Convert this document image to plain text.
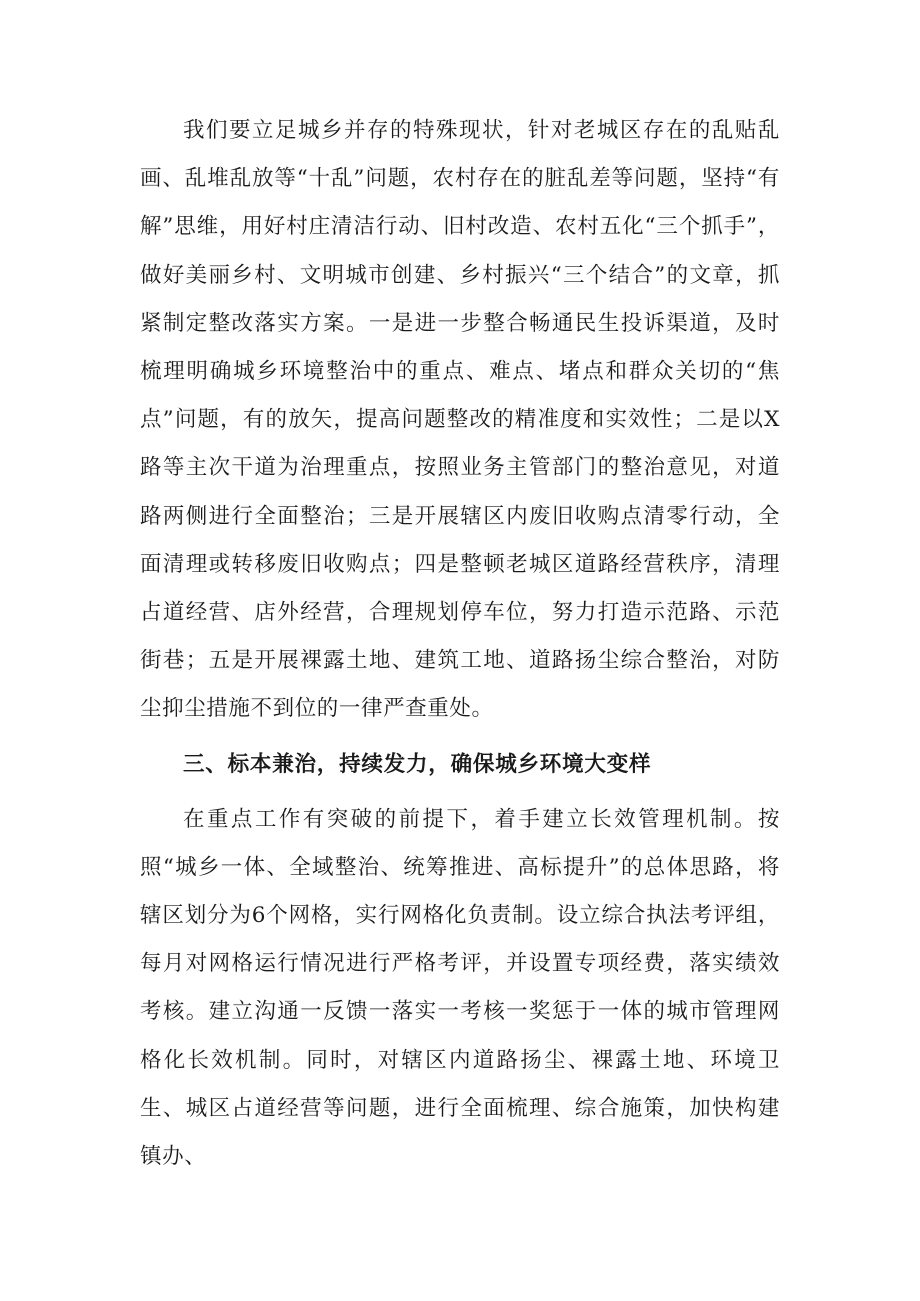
我们要立足城乡并存的特殊现状，针对老城区存在的乱贴乱画、乱堆乱放等“十乱”问题，农村存在的脏乱差等问题，坚持“有解”思维，用好村庄清洁行动、旧村改造、农村五化“三个抓手”，做好美丽乡村、文明城市创建、乡村振兴“三个结合”的文章，抓紧制定整改落实方案。一是进一步整合畅通民生投诉渠道，及时梳理明确城乡环境整治中的重点、难点、堵点和群众关切的“焦点”问题，有的放矢，提高问题整改的精准度和实效性；二是以X路等主次干道为治理重点，按照业务主管部门的整治意见，对道路两侧进行全面整治；三是开展辖区内废旧收购点清零行动，全面清理或转移废旧收购点；四是整顿老城区道路经营秩序，清理占道经营、店外经营，合理规划停车位，努力打造示范路、示范街巷；五是开展裸露土地、建筑工地、道路扬尘综合整治，对防尘抑尘措施不到位的一律严查重处。

三、标本兼治，持续发力，确保城乡环境大变样

在重点工作有突破的前提下，着手建立长效管理机制。按照“城乡一体、全域整治、统筹推进、高标提升”的总体思路，将辖区划分为6个网格，实行网格化负责制。设立综合执法考评组，每月对网格运行情况进行严格考评，并设置专项经费，落实绩效考核。建立沟通一反馈一落实一考核一奖惩于一体的城市管理网格化长效机制。同时，对辖区内道路扬尘、裸露土地、环境卫生、城区占道经营等问题，进行全面梳理、综合施策，加快构建镇办、
